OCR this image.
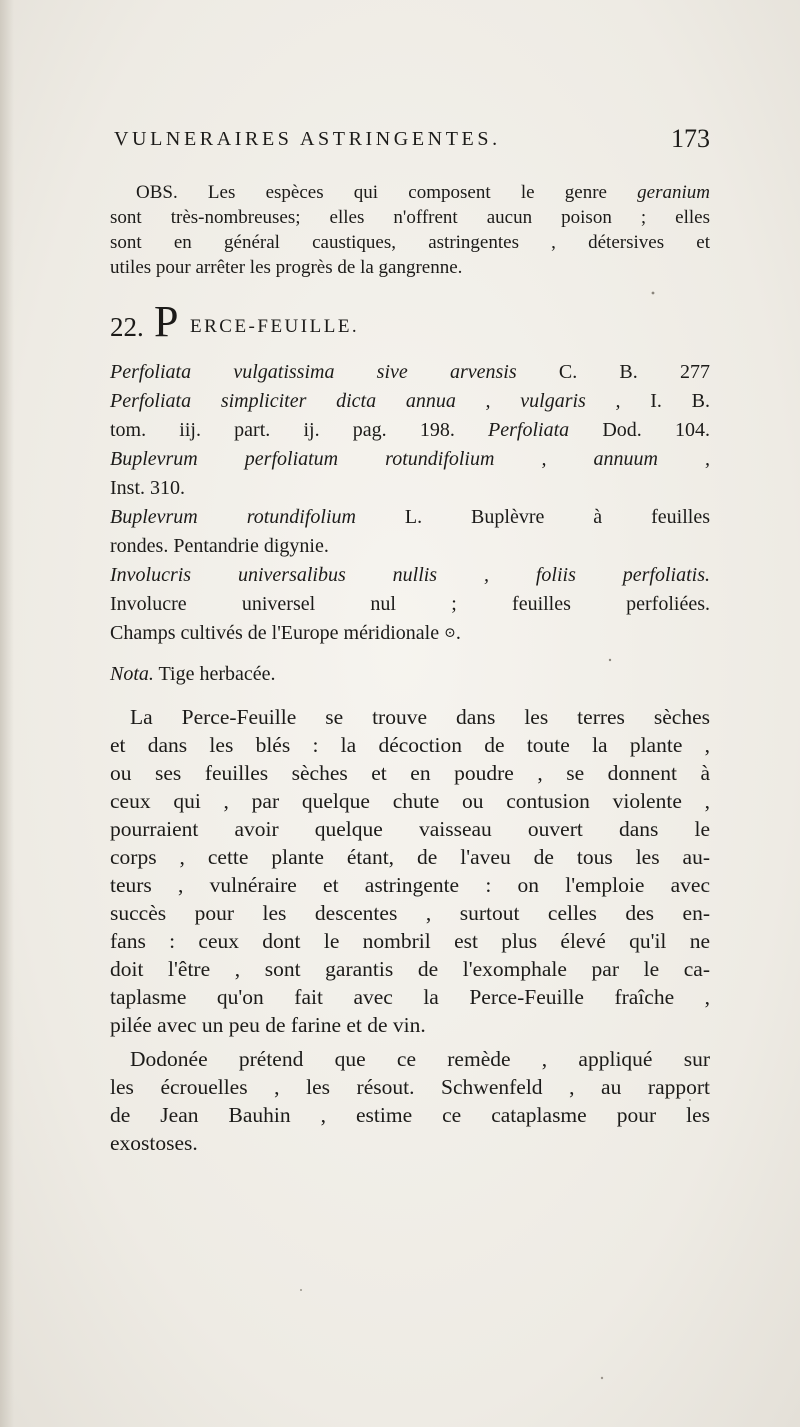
VULNERAIRES ASTRINGENTES.	173
OBS. Les espèces qui composent le genre geranium
sont très-nombreuses; elles n'offrent aucun poison ; elles
sont en général caustiques, astringentes , détersives et
utiles pour arrêter les progrès de la gangrenne.
22. P ERCE-FEUILLE.
Perfoliata vulgatissima sive arvensis C. B. 277
Perfoliata simpliciter dicta annua , vulgaris , I. B.
tom. iij. part. ij. pag. 198. Perfoliata Dod. 104.
Buplevrum perfoliatum rotundifolium , annuum ,
Inst. 310.
Buplevrum rotundifolium L. Buplèvre à feuilles
rondes. Pentandrie digynie.
Involucris universalibus nullis , foliis perfoliatis.
Involucre universel nul ; feuilles perfoliées.
Champs cultivés de l'Europe méridionale ⊙.
Nota. Tige herbacée.
La Perce-Feuille se trouve dans les terres sèches
et dans les blés : la décoction de toute la plante ,
ou ses feuilles sèches et en poudre , se donnent à
ceux qui , par quelque chute ou contusion violente ,
pourraient avoir quelque vaisseau ouvert dans le
corps , cette plante étant, de l'aveu de tous les au-
teurs , vulnéraire et astringente : on l'emploie avec
succès pour les descentes , surtout celles des en-
fans : ceux dont le nombril est plus élevé qu'il ne
doit l'être , sont garantis de l'exomphale par le ca-
taplasme qu'on fait avec la Perce-Feuille fraîche ,
pilée avec un peu de farine et de vin.
Dodonée prétend que ce remède , appliqué sur
les écrouelles , les résout. Schwenfeld , au rapport
de Jean Bauhin , estime ce cataplasme pour les
exostoses.
